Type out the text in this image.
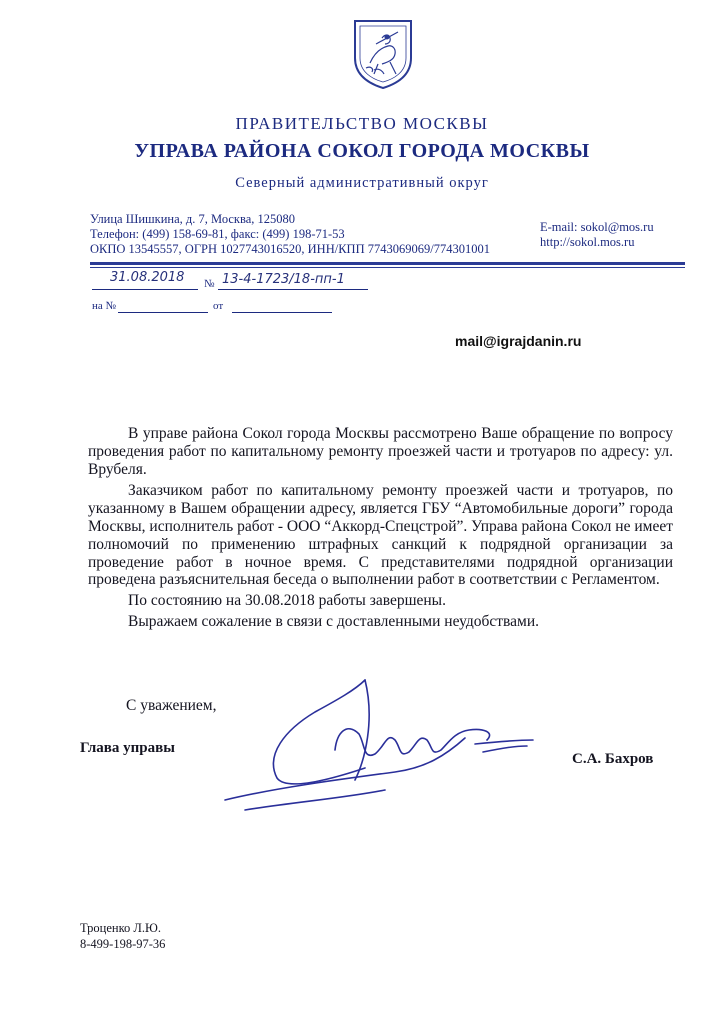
ПРАВИТЕЛЬСТВО МОСКВЫ
УПРАВА РАЙОНА СОКОЛ ГОРОДА МОСКВЫ
Северный административный округ
Улица Шишкина, д. 7, Москва, 125080
Телефон: (499) 158-69-81, факс: (499) 198-71-53
ОКПО 13545557, ОГРН 1027743016520, ИНН/КПП 7743069069/774301001
E-mail: sokol@mos.ru
http://sokol.mos.ru
31.08.2018 № 13-4-1723/18-пп-1
на №	от
mail@igrajdanin.ru

В управе района Сокол города Москвы рассмотрено Ваше обращение по вопросу проведения работ по капитальному ремонту проезжей части и тротуаров по адресу: ул. Врубеля.

Заказчиком работ по капитальному ремонту проезжей части и тротуаров, по указанному в Вашем обращении адресу, является ГБУ “Автомобильные дороги” города Москвы, исполнитель работ - ООО “Аккорд-Спецстрой”. Управа района Сокол не имеет полномочий по применению штрафных санкций к подрядной организации за проведение работ в ночное время. С представителями подрядной организации проведена разъяснительная беседа о выполнении работ в соответствии с Регламентом.

По состоянию на 30.08.2018 работы завершены.

Выражаем сожаление в связи с доставленными неудобствами.

С уважением,
Глава управы
С.А. Бахров
Троценко Л.Ю.
8-499-198-97-36
